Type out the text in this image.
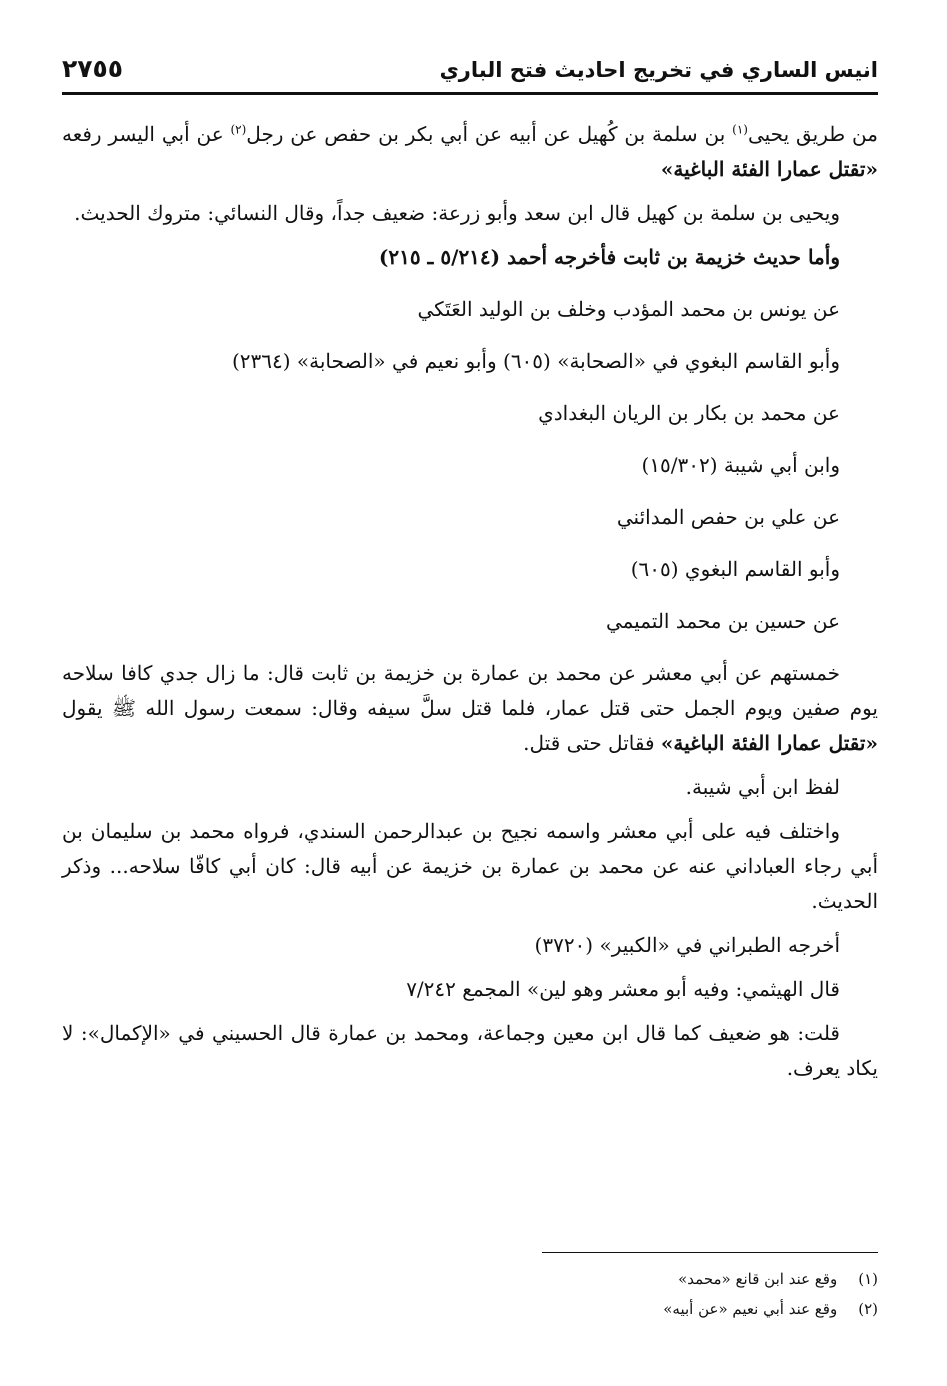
انيس الساري في تخريج احاديث فتح الباري
٢٧٥٥

من طريق يحيى$^{(١)}$ بن سلمة بن كُهيل عن أبيه عن أبي بكر بن حفص عن رجل$^{(٢)}$ عن أبي اليسر رفعه «تقتل عمارا الفئة الباغية»

ويحيى بن سلمة بن كهيل قال ابن سعد وأبو زرعة: ضعيف جداً، وقال النسائي: متروك الحديث.

وأما حديث خزيمة بن ثابت فأخرجه أحمد (٥/٢١٤ ـ ٢١٥)

عن يونس بن محمد المؤدب وخلف بن الوليد العَتَكي

وأبو القاسم البغوي في «الصحابة» (٦٠٥) وأبو نعيم في «الصحابة» (٢٣٦٤)

عن محمد بن بكار بن الريان البغدادي

وابن أبي شيبة (١٥/٣٠٢)

عن علي بن حفص المدائني

وأبو القاسم البغوي (٦٠٥)

عن حسين بن محمد التميمي

خمستهم عن أبي معشر عن محمد بن عمارة بن خزيمة بن ثابت قال: ما زال جدي كافا سلاحه يوم صفين ويوم الجمل حتى قتل عمار، فلما قتل سلَّ سيفه وقال: سمعت رسول الله ﷺ يقول «تقتل عمارا الفئة الباغية» فقاتل حتى قتل.

لفظ ابن أبي شيبة.

واختلف فيه على أبي معشر واسمه نجيح بن عبدالرحمن السندي، فرواه محمد بن سليمان بن أبي رجاء العباداني عنه عن محمد بن عمارة بن خزيمة عن أبيه قال: كان أبي كافّا سلاحه... وذكر الحديث.

أخرجه الطبراني في «الكبير» (٣٧٢٠)

قال الهيثمي: وفيه أبو معشر وهو لين» المجمع ٧/٢٤٢

قلت: هو ضعيف كما قال ابن معين وجماعة، ومحمد بن عمارة قال الحسيني في «الإكمال»: لا يكاد يعرف.

(١) وقع عند ابن قانع «محمد»
(٢) وقع عند أبي نعيم «عن أبيه»
